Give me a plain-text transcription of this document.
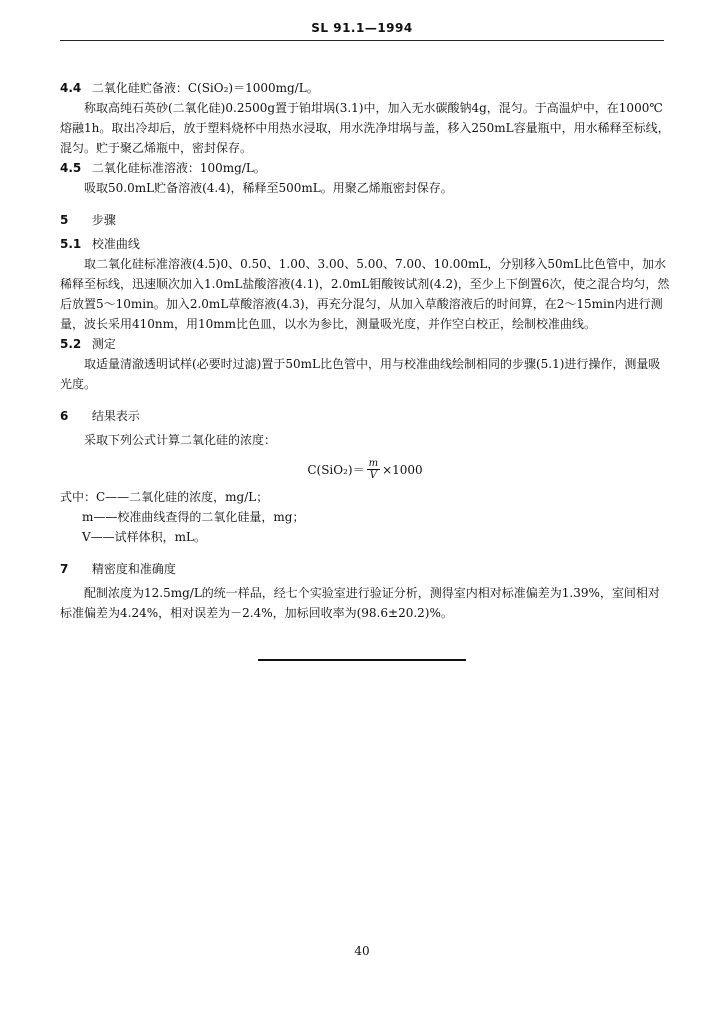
SL 91.1—1994

4.4 二氧化硅贮备液：C(SiO₂)＝1000mg/L。

称取高纯石英砂(二氧化硅)0.2500g置于铂坩埚(3.1)中，加入无水碳酸钠4g，混匀。于高温炉中，在1000℃熔融1h。取出冷却后，放于塑料烧杯中用热水浸取，用水洗净坩埚与盖，移入250mL容量瓶中，用水稀释至标线，混匀。贮于聚乙烯瓶中，密封保存。

4.5 二氧化硅标准溶液：100mg/L。

吸取50.0mL贮备溶液(4.4)，稀释至500mL。用聚乙烯瓶密封保存。

5 步骤

5.1 校准曲线

取二氧化硅标准溶液(4.5)0、0.50、1.00、3.00、5.00、7.00、10.00mL，分别移入50mL比色管中，加水稀释至标线，迅速顺次加入1.0mL盐酸溶液(4.1)，2.0mL钼酸铵试剂(4.2)，至少上下倒置6次，使之混合均匀，然后放置5～10min。加入2.0mL草酸溶液(4.3)，再充分混匀，从加入草酸溶液后的时间算，在2～15min内进行测量，波长采用410nm，用10mm比色皿，以水为参比，测量吸光度，并作空白校正，绘制校准曲线。

5.2 测定

取适量清澈透明试样(必要时过滤)置于50mL比色管中，用与校准曲线绘制相同的步骤(5.1)进行操作，测量吸光度。

6 结果表示

采取下列公式计算二氧化硅的浓度：

$C(SiO_2)= \frac{m}{V} \times 1000$

式中：C——二氧化硅的浓度，mg/L；

m——校准曲线查得的二氧化硅量，mg；

V——试样体积，mL。

7 精密度和准确度

配制浓度为12.5mg/L的统一样品，经七个实验室进行验证分析，测得室内相对标准偏差为1.39%，室间相对标准偏差为4.24%，相对误差为－2.4%，加标回收率为(98.6±20.2)%。

40
